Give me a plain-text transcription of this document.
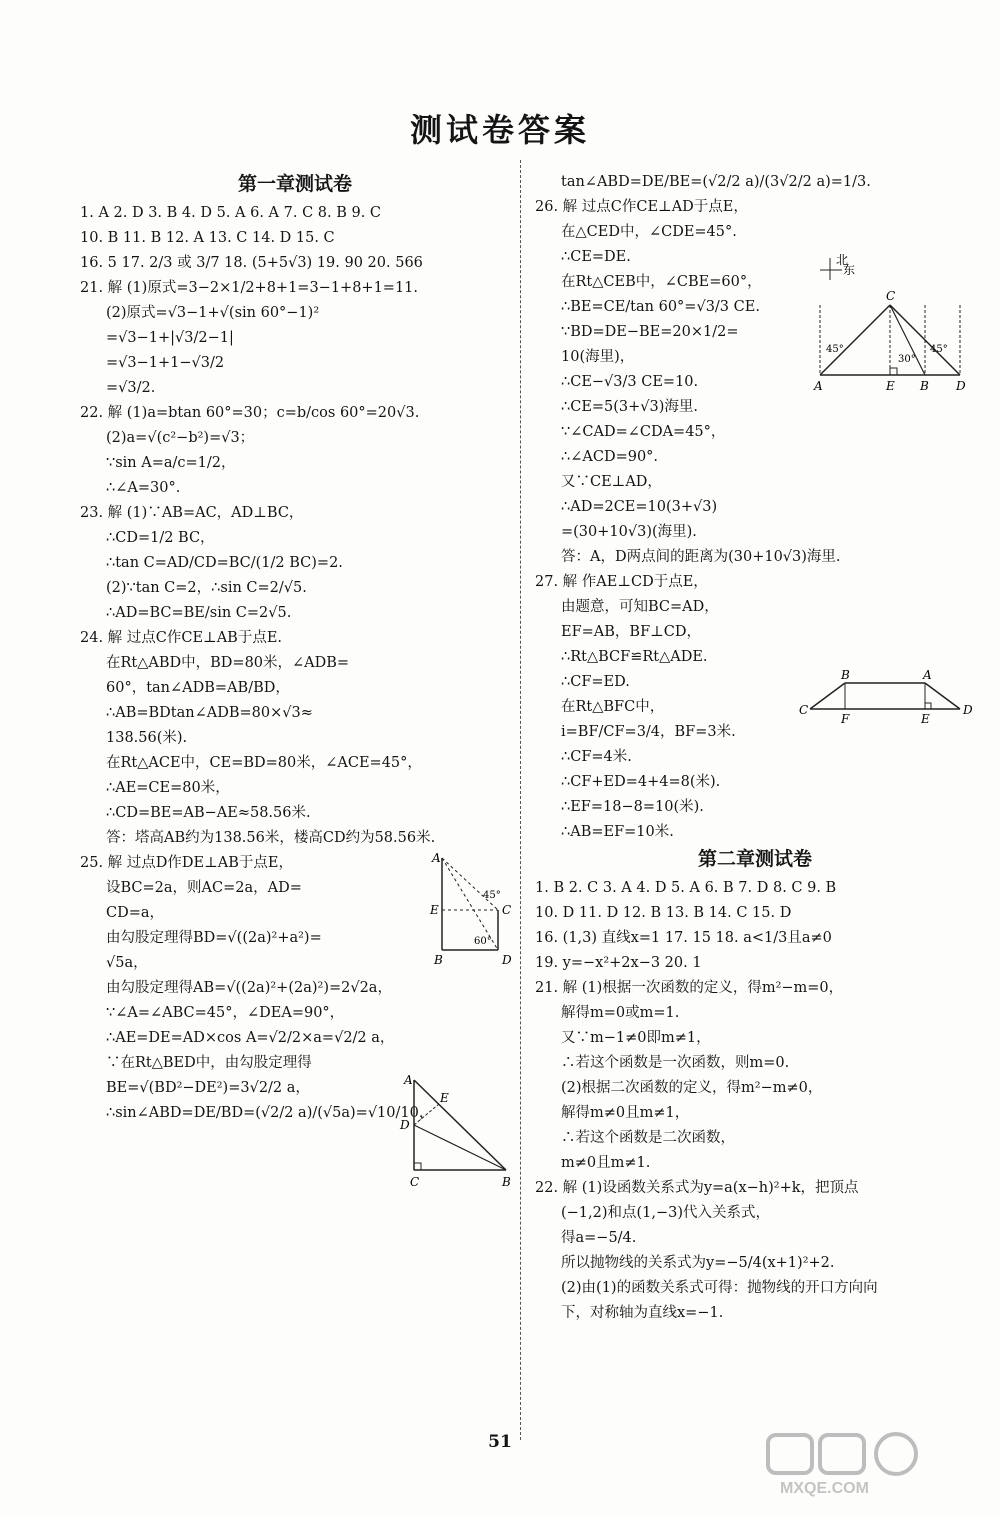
测试卷答案
第一章测试卷
1. A 2. D 3. B 4. D 5. A 6. A 7. C 8. B 9. C
10. B 11. B 12. A 13. C 14. D 15. C
16. 5 17. 2/3 或 3/7 18. (5+5√3) 19. 90 20. 566
21. 解 (1)原式=3−2×1/2+8+1=3−1+8+1=11.
(2)原式=√3−1+√(sin 60°−1)²
=√3−1+|√3/2−1|
=√3−1+1−√3/2
=√3/2.
22. 解 (1)a=btan 60°=30；c=b/cos 60°=20√3.
(2)a=√(c²−b²)=√3；
∵sin A=a/c=1/2，
∴∠A=30°.
23. 解 (1)∵AB=AC，AD⊥BC，
∴CD=1/2 BC，
∴tan C=AD/CD=BC/(1/2 BC)=2.
(2)∵tan C=2，∴sin C=2/√5.
∴AD=BC=BE/sin C=2√5.
24. 解 过点C作CE⊥AB于点E.
在Rt△ABD中，BD=80米，∠ADB=
60°，tan∠ADB=AB/BD，
∴AB=BDtan∠ADB=80×√3≈
138.56(米).
在Rt△ACE中，CE=BD=80米，∠ACE=45°，
∴AE=CE=80米，
∴CD=BE=AB−AE≈58.56米.
答：塔高AB约为138.56米，楼高CD约为58.56米.
25. 解 过点D作DE⊥AB于点E，
设BC=2a，则AC=2a，AD=
CD=a，
由勾股定理得BD=√((2a)²+a²)=
√5a，
由勾股定理得AB=√((2a)²+(2a)²)=2√2a，
∵∠A=∠ABC=45°，∠DEA=90°，
∴AE=DE=AD×cos A=√2/2×a=√2/2 a，
∵在Rt△BED中，由勾股定理得
BE=√(BD²−DE²)=3√2/2 a，
∴sin∠ABD=DE/BD=(√2/2 a)/(√5a)=√10/10，
tan∠ABD=DE/BE=(√2/2 a)/(3√2/2 a)=1/3.
26. 解 过点C作CE⊥AD于点E，
在△CED中，∠CDE=45°.
∴CE=DE.
在Rt△CEB中，∠CBE=60°，
∴BE=CE/tan 60°=√3/3 CE.
∵BD=DE−BE=20×1/2=
10(海里)，
∴CE−√3/3 CE=10.
∴CE=5(3+√3)海里.
∵∠CAD=∠CDA=45°，
∴∠ACD=90°.
又∵CE⊥AD，
∴AD=2CE=10(3+√3)
=(30+10√3)(海里).
答：A，D两点间的距离为(30+10√3)海里.
27. 解 作AE⊥CD于点E，
由题意，可知BC=AD，
EF=AB，BF⊥CD，
∴Rt△BCF≌Rt△ADE.
∴CF=ED.
在Rt△BFC中，
i=BF/CF=3/4，BF=3米.
∴CF=4米.
∴CF+ED=4+4=8(米).
∴EF=18−8=10(米).
∴AB=EF=10米.
第二章测试卷
1. B 2. C 3. A 4. D 5. A 6. B 7. D 8. C 9. B
10. D 11. D 12. B 13. B 14. C 15. D
16. (1,3) 直线x=1 17. 15 18. a<1/3且a≠0
19. y=−x²+2x−3 20. 1
21. 解 (1)根据一次函数的定义，得m²−m=0，
解得m=0或m=1.
又∵m−1≠0即m≠1，
∴若这个函数是一次函数，则m=0.
(2)根据二次函数的定义，得m²−m≠0，
解得m≠0且m≠1，
∴若这个函数是二次函数，
m≠0且m≠1.
22. 解 (1)设函数关系式为y=a(x−h)²+k，把顶点
(−1,2)和点(1,−3)代入关系式，
得a=−5/4.
所以抛物线的关系式为y=−5/4(x+1)²+2.
(2)由(1)的函数关系式可得：抛物线的开口方向向
下，对称轴为直线x=−1.
A
E	C
B	D
45°
60°
A
E
D
C	B
北
东
C
A	E B D
45°
30°
45°
B	A
C	D
F	E
51
MXQE.COM
